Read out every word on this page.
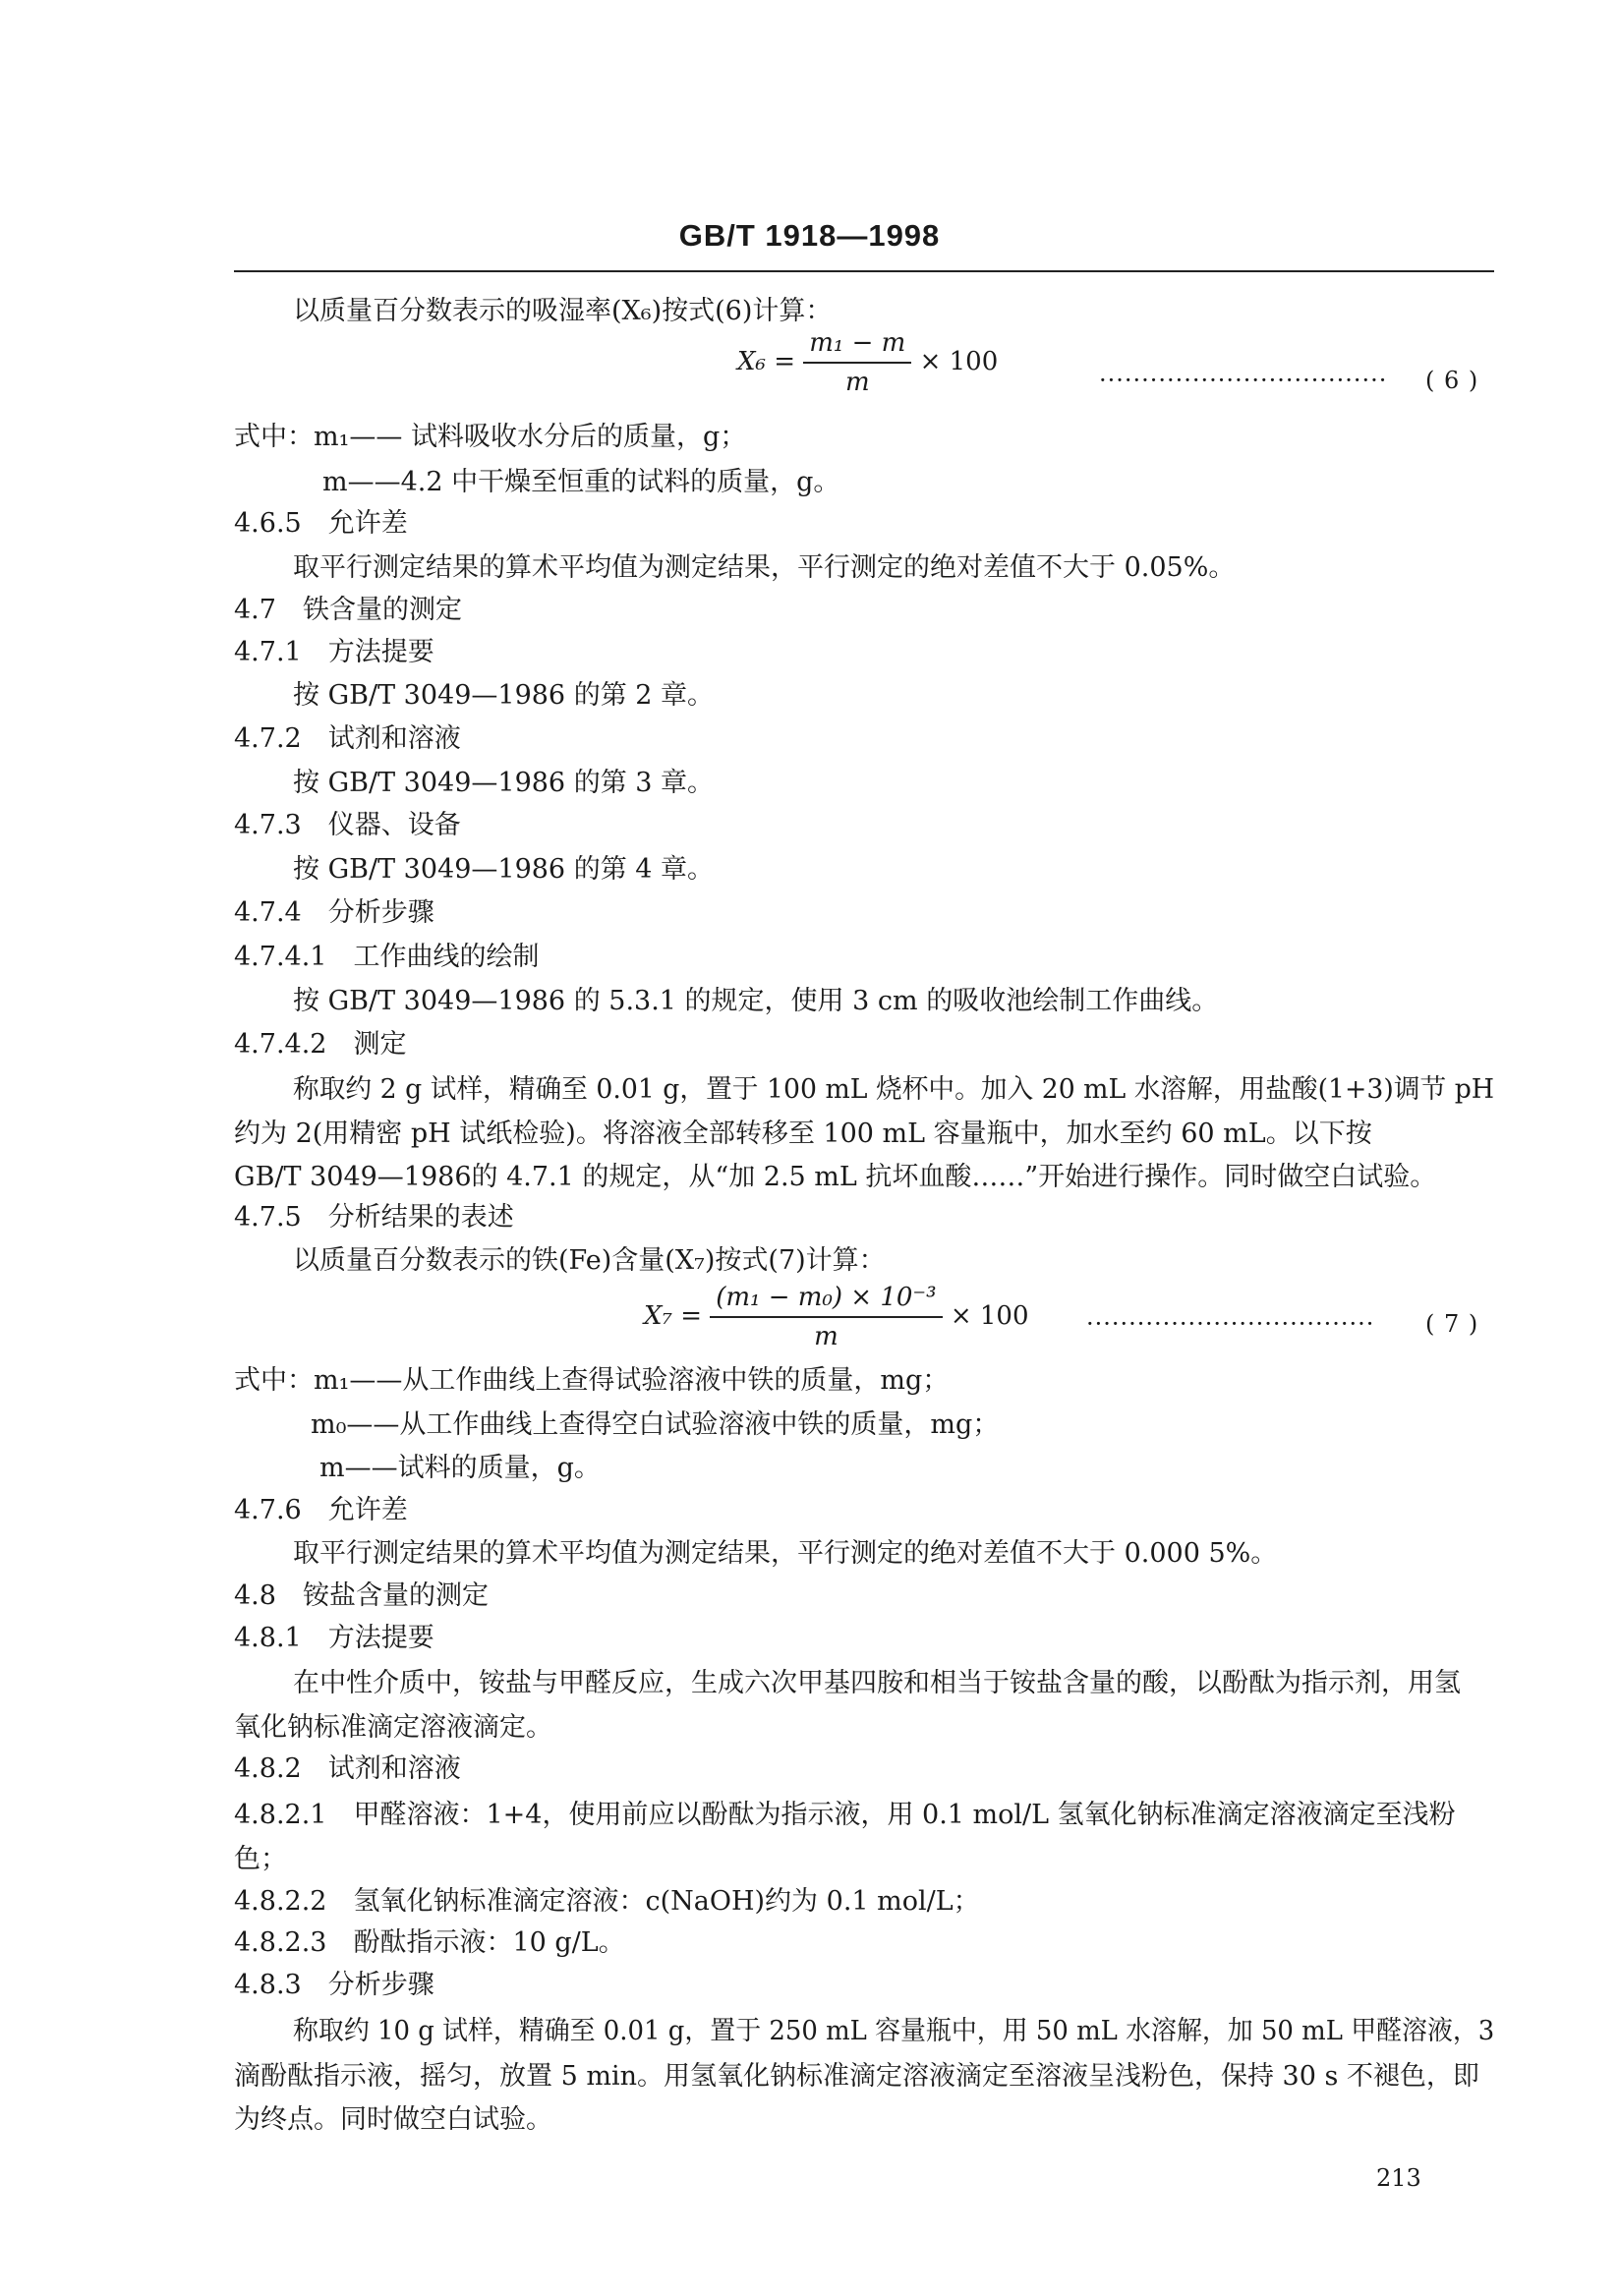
GB/T 1918—1998
以质量百分数表示的吸湿率(X₆)按式(6)计算：
$X_6 = \frac{\text{m₁ − m}}{m} \times 100$
·································· ( 6 )
式中：m₁—— 试料吸收水分后的质量，g；
m——4.2 中干燥至恒重的试料的质量，g。
4.6.5　允许差
取平行测定结果的算术平均值为测定结果，平行测定的绝对差值不大于 0.05%。
4.7　铁含量的测定
4.7.1　方法提要
按 GB/T 3049—1986 的第 2 章。
4.7.2　试剂和溶液
按 GB/T 3049—1986 的第 3 章。
4.7.3　仪器、设备
按 GB/T 3049—1986 的第 4 章。
4.7.4　分析步骤
4.7.4.1　工作曲线的绘制
按 GB/T 3049—1986 的 5.3.1 的规定，使用 3 cm 的吸收池绘制工作曲线。
4.7.4.2　测定
称取约 2 g 试样，精确至 0.01 g，置于 100 mL 烧杯中。加入 20 mL 水溶解，用盐酸(1+3)调节 pH
约为 2(用精密 pH 试纸检验)。将溶液全部转移至 100 mL 容量瓶中，加水至约 60 mL。以下按
GB/T 3049—1986的 4.7.1 的规定，从“加 2.5 mL 抗坏血酸……”开始进行操作。同时做空白试验。
4.7.5　分析结果的表述
以质量百分数表示的铁(Fe)含量(X₇)按式(7)计算：
$X_7 = \frac{\text{(m₁ − m₀) × 10⁻³}}{m} \times 100$ ·································· ( 7 )
式中：m₁——从工作曲线上查得试验溶液中铁的质量，mg；
m₀——从工作曲线上查得空白试验溶液中铁的质量，mg；
m——试料的质量，g。
4.7.6　允许差
取平行测定结果的算术平均值为测定结果，平行测定的绝对差值不大于 0.000 5%。
4.8　铵盐含量的测定
4.8.1　方法提要
在中性介质中，铵盐与甲醛反应，生成六次甲基四胺和相当于铵盐含量的酸，以酚酞为指示剂，用氢
氧化钠标准滴定溶液滴定。
4.8.2　试剂和溶液
4.8.2.1　甲醛溶液：1+4，使用前应以酚酞为指示液，用 0.1 mol/L 氢氧化钠标准滴定溶液滴定至浅粉
色；
4.8.2.2　氢氧化钠标准滴定溶液：c(NaOH)约为 0.1 mol/L；
4.8.2.3　酚酞指示液：10 g/L。
4.8.3　分析步骤
称取约 10 g 试样，精确至 0.01 g，置于 250 mL 容量瓶中，用 50 mL 水溶解，加 50 mL 甲醛溶液，3
滴酚酞指示液，摇匀，放置 5 min。用氢氧化钠标准滴定溶液滴定至溶液呈浅粉色，保持 30 s 不褪色，即
为终点。同时做空白试验。
213
